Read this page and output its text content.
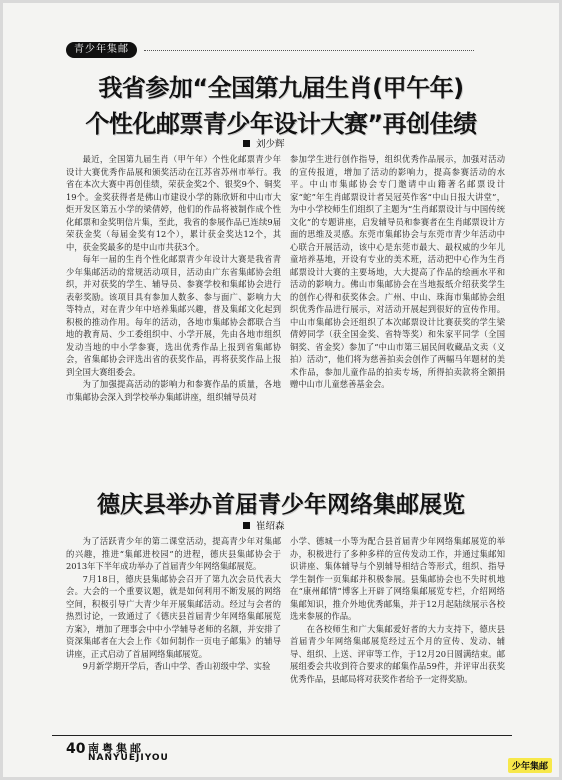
青少年集邮
我省参加“全国第九届生肖(甲午年)
个性化邮票青少年设计大赛”再创佳绩
刘少辉

最近，全国第九届生肖（甲午年）个性化邮票青少年设计大赛优秀作品展和颁奖活动在江苏省苏州市举行。我省在本次大赛中再创佳绩，荣获金奖2个、银奖9个、铜奖19个。金奖获得者是佛山市建设小学的陈欣妍和中山市大炬开发区第五小学的梁倩婷，他们的作品将被制作成个性化邮票和金奖明信片集，至此，我省的参展作品已连续9届荣获金奖（每届金奖有12个），累计获金奖达12个，其中，获金奖最多的是中山市共获3个。

每年一届的生肖个性化邮票青少年设计大赛是我省青少年集邮活动的常规活动项目，活动由广东省集邮协会组织，并对获奖的学生、辅导员、参赛学校和集邮协会进行表彰奖励。该项目具有参加人数多、参与面广、影响力大等特点，对在青少年中培养集邮兴趣，普及集邮文化起到积极的推动作用。每年的活动，各地市集邮协会都联合当地的教育局、少工委组织中、小学开展，先由各地市组织发动当地的中小学参赛，选出优秀作品上报到省集邮协会，省集邮协会评选出省的获奖作品，再将获奖作品上报到全国大赛组委会。

为了加强提高活动的影响力和参赛作品的质量，各地市集邮协会深入到学校举办集邮讲座，组织辅导员对

参加学生进行创作指导，组织优秀作品展示，加强对活动的宣传报道，增加了活动的影响力，提高参赛活动的水平。中山市集邮协会专门邀请中山籍著名邮票设计家“蛇”年生肖邮票设计者吴冠英作客“中山日报大讲堂”，为中小学校师生们组织了主题为“生肖邮票设计与中国传统文化”的专题讲座，启发辅导员和参赛者在生肖邮票设计方面的思维及灵感。东莞市集邮协会与东莞市青少年活动中心联合开展活动，该中心是东莞市最大、最权威的少年儿童培养基地，开设有专业的美术班，活动把中心作为生肖邮票设计大赛的主要场地，大大提高了作品的绘画水平和活动的影响力。佛山市集邮协会在当地报纸介绍获奖学生的创作心得和获奖体会。广州、中山、珠海市集邮协会组织优秀作品进行展示，对活动开展起到很好的宣传作用。中山市集邮协会还组织了本次邮票设计比赛获奖的学生梁倩婷同学（获全国金奖、省特等奖）和朱家平同学（全国铜奖、省金奖）参加了“中山市第三届民间收藏品文卖（义拍）活动”，他们将为慈善拍卖会创作了两幅马年题材的美术作品，参加儿童作品的拍卖专场，所得拍卖款将全额捐赠中山市儿童慈善基金会。

德庆县举办首届青少年网络集邮展览
崔绍森

为了活跃青少年的第二课堂活动，提高青少年对集邮的兴趣，推进“集邮进校园”的进程，德庆县集邮协会于2013年下半年成功举办了首届青少年网络集邮展览。

7月18日，德庆县集邮协会召开了第九次会员代表大会。大会的一个重要议题，就是如何利用不断发展的网络空间，积极引导广大青少年开展集邮活动。经过与会者的热烈讨论，一致通过了《德庆县首届青少年网络集邮展览方案》，增加了理事会中中小学辅导老师的名额，并安排了资深集邮者在大会上作《如何制作一页电子邮集》的辅导讲座，正式启动了首届网络集邮展览。

9月新学期开学后，香山中学、香山初级中学、实验

小学、德城一小等为配合县首届青少年网络集邮展览的举办，积极进行了多种多样的宣传发动工作，并通过集邮知识讲座、集体辅导与个别辅导相结合等形式，组织、指导学生制作一页集邮并积极参展。县集邮协会也不失时机地在“康州邮情”博客上开辟了网络集邮展览专栏，介绍网络集邮知识，推介外地优秀邮集，并于12月起陆续展示各校选来参展的作品。

在各校师生和广大集邮爱好者的大力支持下，德庆县首届青少年网络集邮展览经过五个月的宣传、发动、辅导、组织、上送、评审等工作，于12月20日圆满结束。邮展组委会共收到符合要求的邮集作品59件，并评审出获奖优秀作品，县邮局将对获奖作者给予一定得奖励。

40 南粤集邮
NANYUEJIYOU
少年集邮
